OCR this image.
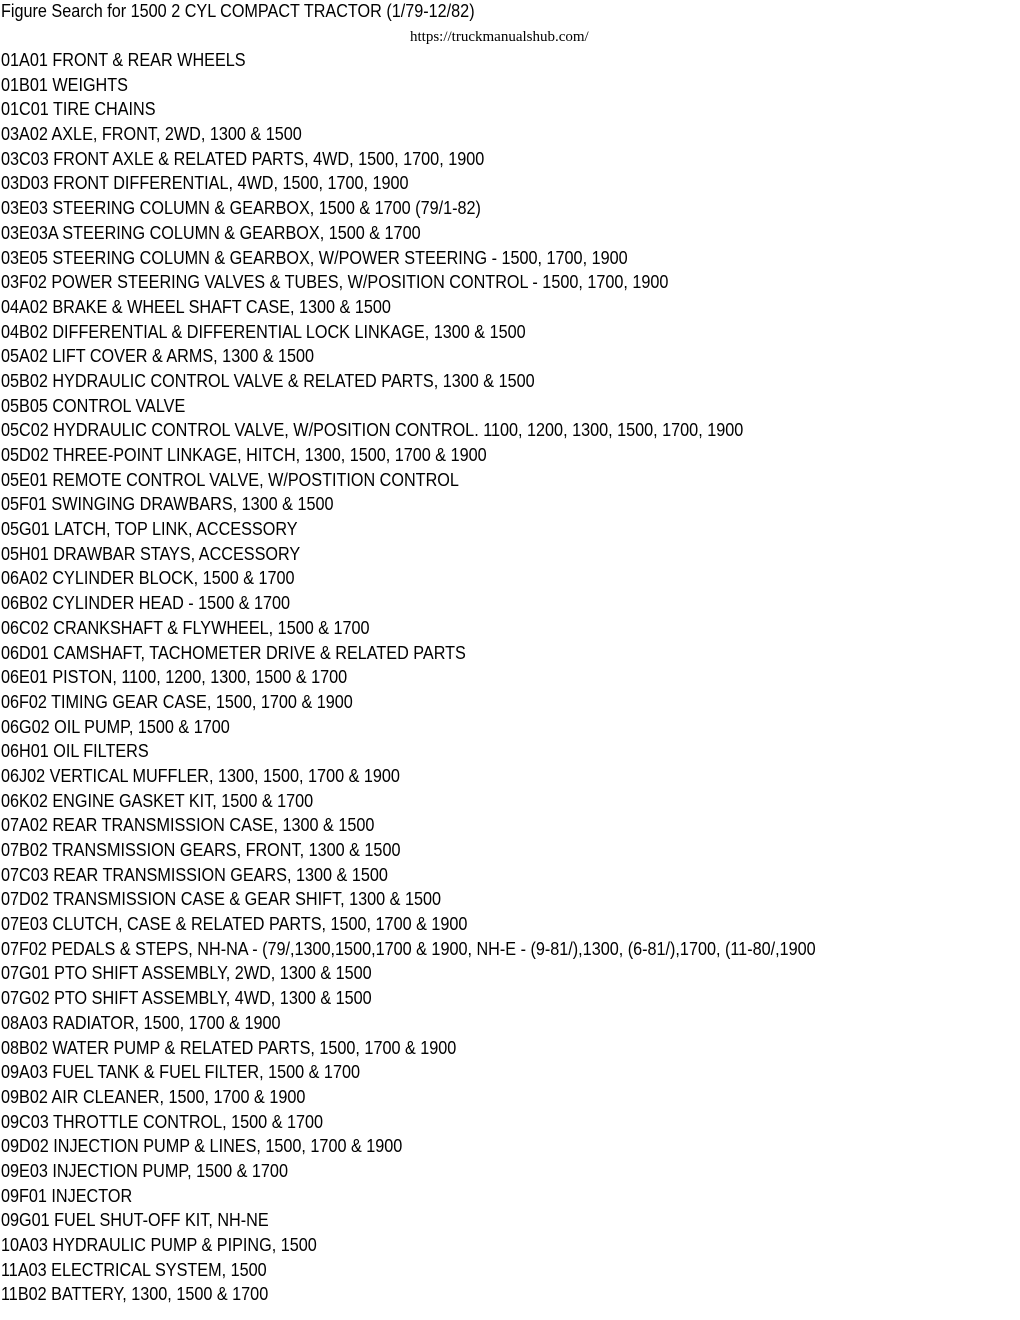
Figure Search for 1500 2 CYL COMPACT TRACTOR (1/79-12/82)
https://truckmanualshub.com/
01A01 FRONT & REAR WHEELS
01B01 WEIGHTS
01C01 TIRE CHAINS
03A02 AXLE, FRONT, 2WD, 1300 & 1500
03C03 FRONT AXLE & RELATED PARTS, 4WD, 1500, 1700, 1900
03D03 FRONT DIFFERENTIAL, 4WD, 1500, 1700, 1900
03E03 STEERING COLUMN & GEARBOX, 1500 & 1700 (79/1-82)
03E03A STEERING COLUMN & GEARBOX, 1500 & 1700
03E05 STEERING COLUMN & GEARBOX, W/POWER STEERING - 1500, 1700, 1900
03F02 POWER STEERING VALVES & TUBES, W/POSITION CONTROL - 1500, 1700, 1900
04A02 BRAKE & WHEEL SHAFT CASE, 1300 & 1500
04B02 DIFFERENTIAL & DIFFERENTIAL LOCK LINKAGE, 1300 & 1500
05A02 LIFT COVER & ARMS, 1300 & 1500
05B02 HYDRAULIC CONTROL VALVE & RELATED PARTS, 1300 & 1500
05B05 CONTROL VALVE
05C02 HYDRAULIC CONTROL VALVE, W/POSITION CONTROL. 1100, 1200, 1300, 1500, 1700, 1900
05D02 THREE-POINT LINKAGE, HITCH, 1300, 1500, 1700 & 1900
05E01 REMOTE CONTROL VALVE, W/POSTITION CONTROL
05F01 SWINGING DRAWBARS, 1300 & 1500
05G01 LATCH, TOP LINK, ACCESSORY
05H01 DRAWBAR STAYS, ACCESSORY
06A02 CYLINDER BLOCK, 1500 & 1700
06B02 CYLINDER HEAD - 1500 & 1700
06C02 CRANKSHAFT & FLYWHEEL, 1500 & 1700
06D01 CAMSHAFT, TACHOMETER DRIVE & RELATED PARTS
06E01 PISTON, 1100, 1200, 1300, 1500 & 1700
06F02 TIMING GEAR CASE, 1500, 1700 & 1900
06G02 OIL PUMP, 1500 & 1700
06H01 OIL FILTERS
06J02 VERTICAL MUFFLER, 1300, 1500, 1700 & 1900
06K02 ENGINE GASKET KIT, 1500 & 1700
07A02 REAR TRANSMISSION CASE, 1300 & 1500
07B02 TRANSMISSION GEARS, FRONT, 1300 & 1500
07C03 REAR TRANSMISSION GEARS, 1300 & 1500
07D02 TRANSMISSION CASE & GEAR SHIFT, 1300 & 1500
07E03 CLUTCH, CASE & RELATED PARTS, 1500, 1700 & 1900
07F02 PEDALS & STEPS, NH-NA - (79/,1300,1500,1700 & 1900, NH-E - (9-81/),1300, (6-81/),1700, (11-80/,1900
07G01 PTO SHIFT ASSEMBLY, 2WD, 1300 & 1500
07G02 PTO SHIFT ASSEMBLY, 4WD, 1300 & 1500
08A03 RADIATOR, 1500, 1700 & 1900
08B02 WATER PUMP & RELATED PARTS, 1500, 1700 & 1900
09A03 FUEL TANK & FUEL FILTER, 1500 & 1700
09B02 AIR CLEANER, 1500, 1700 & 1900
09C03 THROTTLE CONTROL, 1500 & 1700
09D02 INJECTION PUMP & LINES, 1500, 1700 & 1900
09E03 INJECTION PUMP, 1500 & 1700
09F01 INJECTOR
09G01 FUEL SHUT-OFF KIT, NH-NE
10A03 HYDRAULIC PUMP & PIPING, 1500
11A03 ELECTRICAL SYSTEM, 1500
11B02 BATTERY, 1300, 1500 & 1700
